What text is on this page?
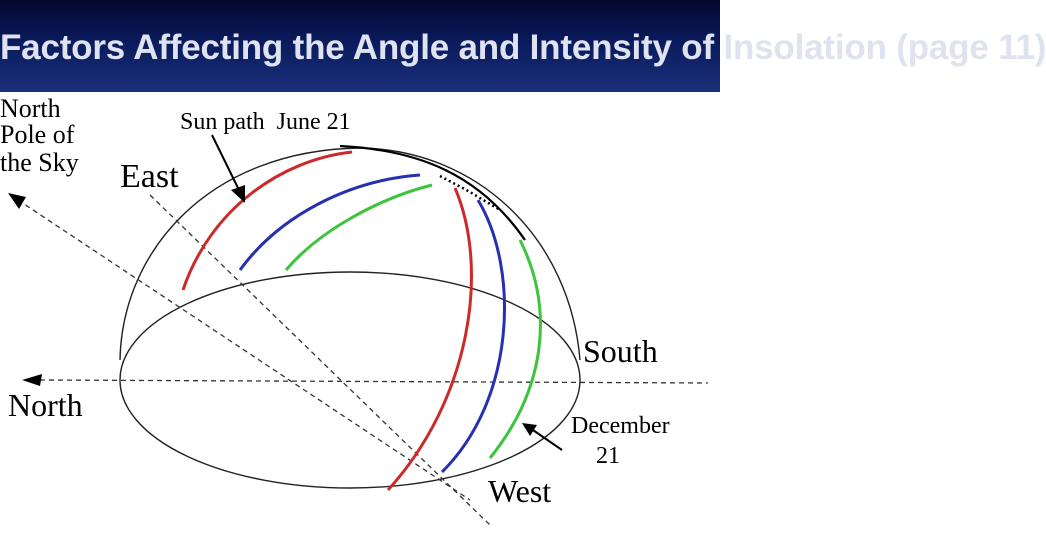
Factors Affecting the Angle and Intensity of Insolation (page 11)
North
Pole of
the Sky
Sun path  June 21
East
South
North
December
21
West
